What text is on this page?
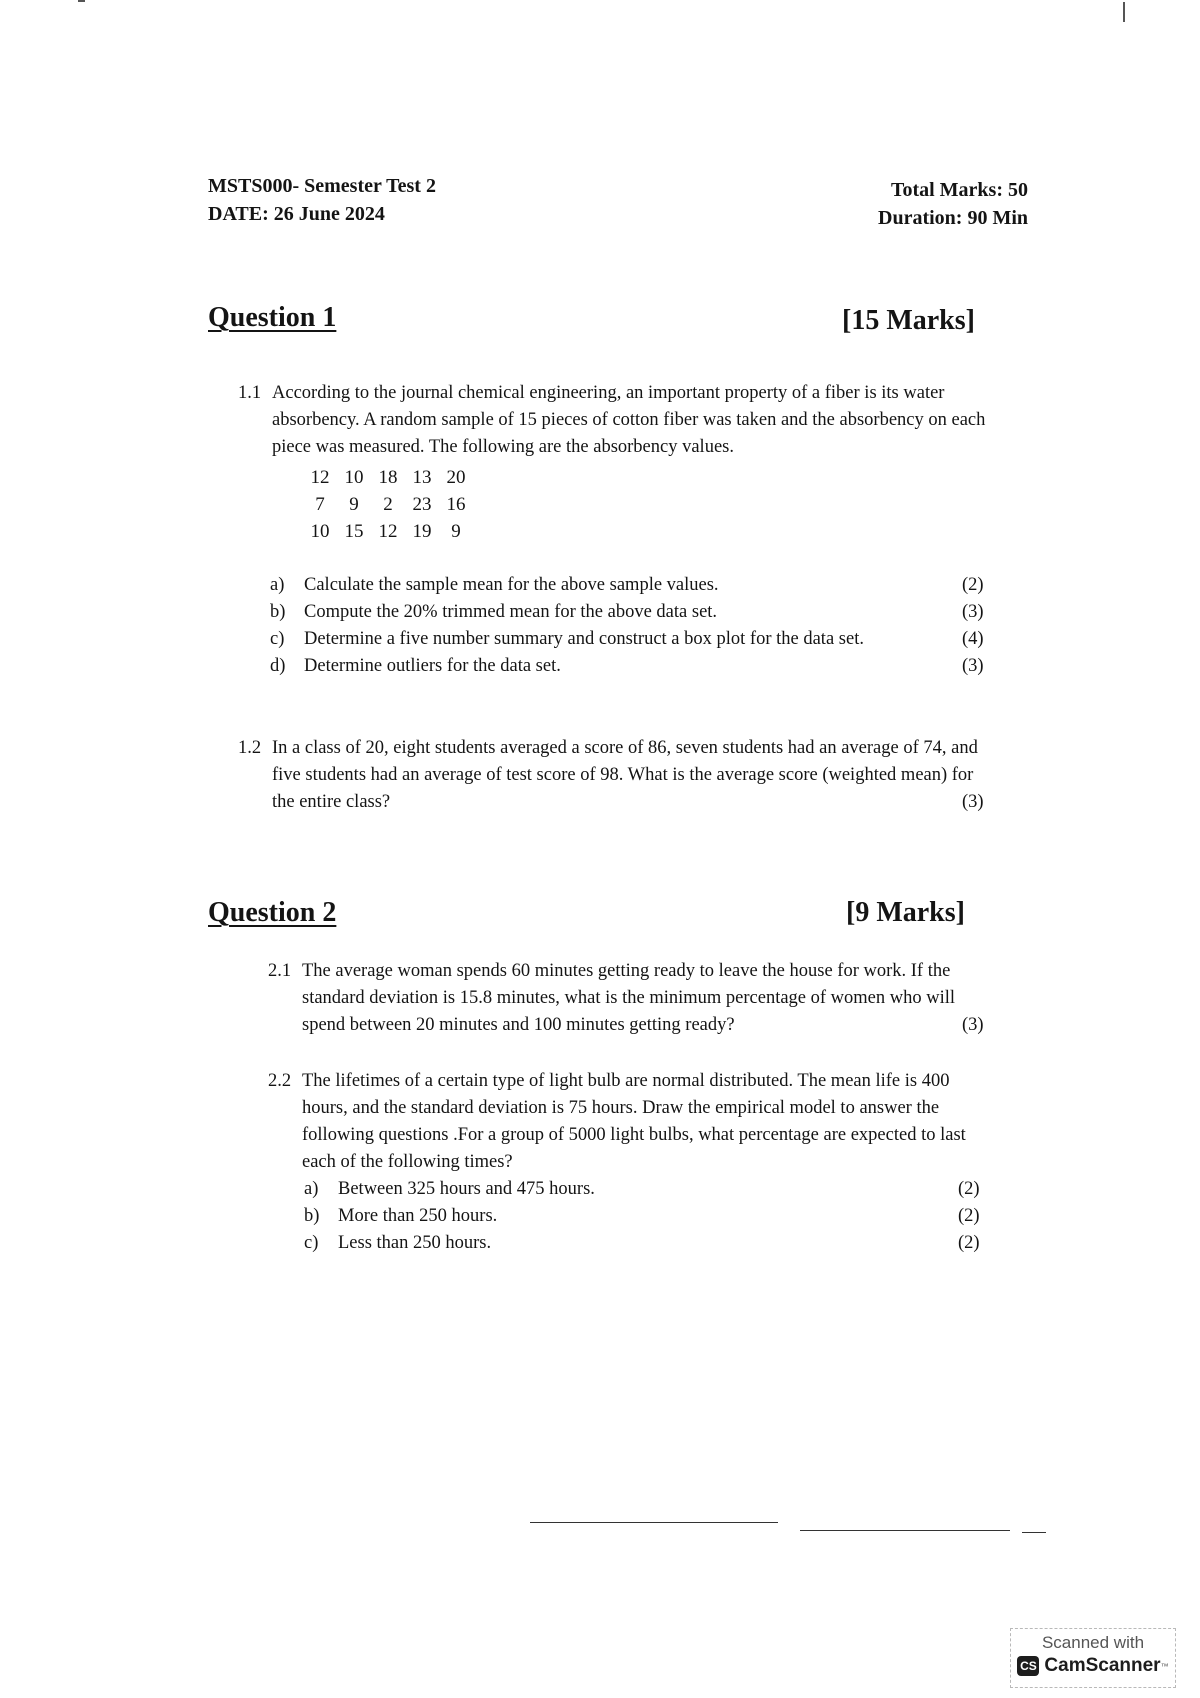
MSTS000- Semester Test 2
DATE: 26 June 2024
Total Marks: 50
Duration: 90 Min
Question 1	[15 Marks]
1.1 According to the journal chemical engineering, an important property of a fiber is its water
absorbency. A random sample of 15 pieces of cotton fiber was taken and the absorbency on each
piece was measured. The following are the absorbency values.
12 10 18 13 20
7	9	2	23 16
10 15 12 19	9
a)	Calculate the sample mean for the above sample values.	(2)
b)	Compute the 20% trimmed mean for the above data set.	(3)
c)	Determine a five number summary and construct a box plot for the data set.	(4)
d)	Determine outliers for the data set.	(3)
1.2 In a class of 20, eight students averaged a score of 86, seven students had an average of 74, and
five students had an average of test score of 98. What is the average score (weighted mean) for
the entire class?	(3)
Question 2	[9 Marks]
2.1 The average woman spends 60 minutes getting ready to leave the house for work. If the
standard deviation is 15.8 minutes, what is the minimum percentage of women who will
spend between 20 minutes and 100 minutes getting ready?	(3)
2.2 The lifetimes of a certain type of light bulb are normal distributed. The mean life is 400
hours, and the standard deviation is 75 hours. Draw the empirical model to answer the
following questions .For a group of 5000 light bulbs, what percentage are expected to last
each of the following times?
a)	Between 325 hours and 475 hours.	(2)
b)	More than 250 hours.	(2)
c)	Less than 250 hours.	(2)
Scanned with
CS CamScanner ™
